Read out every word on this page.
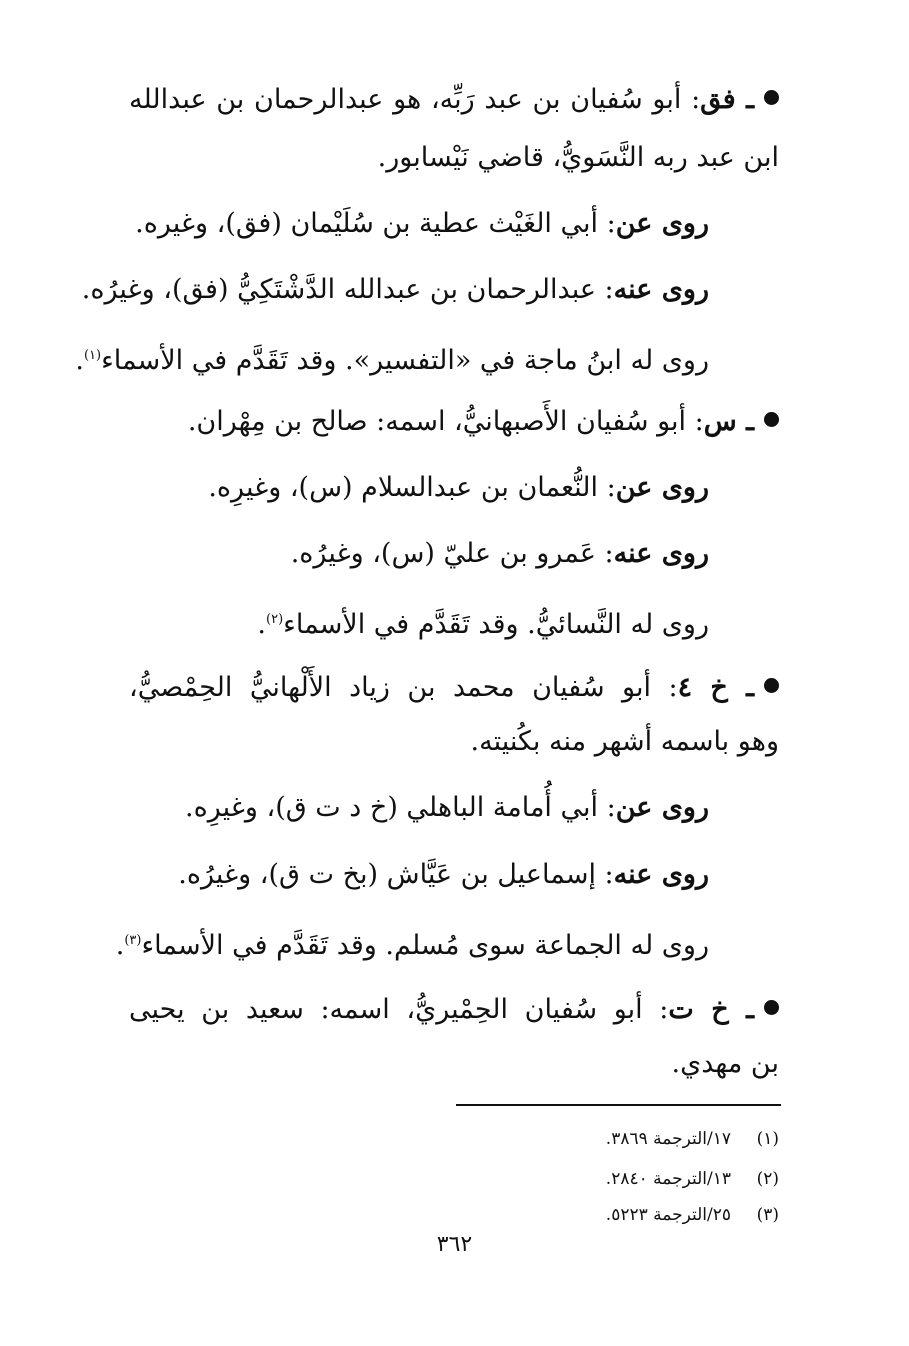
ـ فق: أبو سُفيان بن عبد رَبِّه، هو عبدالرحمان بن عبدالله
ابن عبد ربه النَّسَويُّ، قاضي نَيْسابور.
روى عن: أبي الغَيْث عطية بن سُلَيْمان (فق)، وغيره.
روى عنه: عبدالرحمان بن عبدالله الدَّشْتَكِيُّ (فق)، وغيرُه.
روى له ابنُ ماجة في «التفسير». وقد تَقَدَّم في الأسماء$^{(١)}$.
ـ س: أبو سُفيان الأَصبهانيُّ، اسمه: صالح بن مِهْران.
روى عن: النُّعمان بن عبدالسلام (س)، وغيرِه.
روى عنه: عَمرو بن عليّ (س)، وغيرُه.
روى له النَّسائيُّ. وقد تَقَدَّم في الأسماء$^{(٢)}$.
ـ خ ٤: أبو سُفيان محمد بن زياد الأَلْهانيُّ الحِمْصيُّ،
وهو باسمه أشهر منه بكُنيته.
روى عن: أبي أُمامة الباهلي (خ د ت ق)، وغيرِه.
روى عنه: إسماعيل بن عَيَّاش (بخ ت ق)، وغيرُه.
روى له الجماعة سوى مُسلم. وقد تَقَدَّم في الأسماء$^{(٣)}$.
ـ خ ت: أبو سُفيان الحِمْيريُّ، اسمه: سعيد بن يحيى
بن مهدي.
(١)١٧/الترجمة ٣٨٦٩.
(٢)١٣/الترجمة ٢٨٤٠.
(٣)٢٥/الترجمة ٥٢٢٣.
٣٦٢
